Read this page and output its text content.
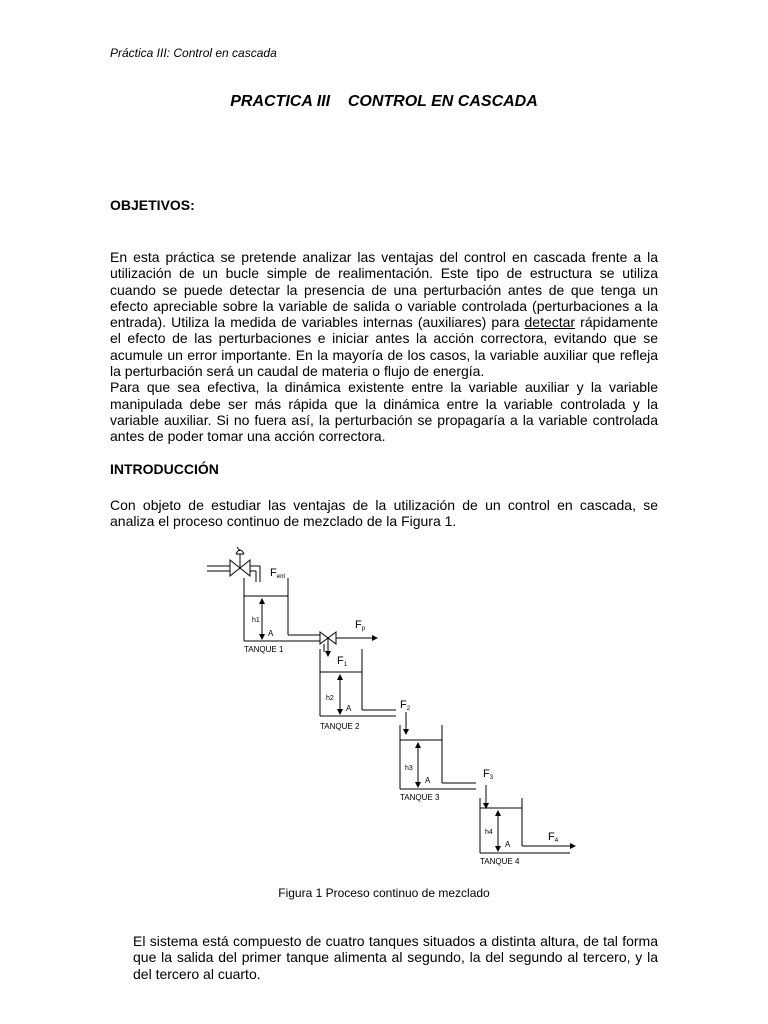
Práctica III: Control en cascada
PRACTICA III    CONTROL EN CASCADA
OBJETIVOS:

En esta práctica se pretende analizar las ventajas del control en cascada frente a la utilización de un bucle simple de realimentación. Este tipo de estructura se utiliza cuando se puede detectar la presencia de una perturbación antes de que tenga un efecto apreciable sobre la variable de salida o variable controlada (perturbaciones a la entrada). Utiliza la medida de variables internas (auxiliares) para detectar rápidamente el efecto de las perturbaciones e iniciar antes la acción correctora, evitando que se acumule un error importante. En la mayoría de los casos, la variable auxiliar que refleja la perturbación será un caudal de materia o flujo de energía.

Para que sea efectiva, la dinámica existente entre la variable auxiliar y la variable manipulada debe ser más rápida que la dinámica entre la variable controlada y la variable auxiliar. Si no fuera así, la perturbación se propagaría a la variable controlada antes de poder tomar una acción correctora.

INTRODUCCIÓN
Con objeto de estudiar las ventajas de la utilización de un control en cascada, se analiza el proceso continuo de mezclado de la Figura 1.
Fent
Fp
F1
F2
F3
F4
h1
h2
h3
h4
A
A
A
A
TANQUE 1
TANQUE 2
TANQUE 3
TANQUE 4
Figura 1 Proceso continuo de mezclado
El sistema está compuesto de cuatro tanques situados a distinta altura, de tal forma que la salida del primer tanque alimenta al segundo, la del segundo al tercero, y la del tercero al cuarto.
